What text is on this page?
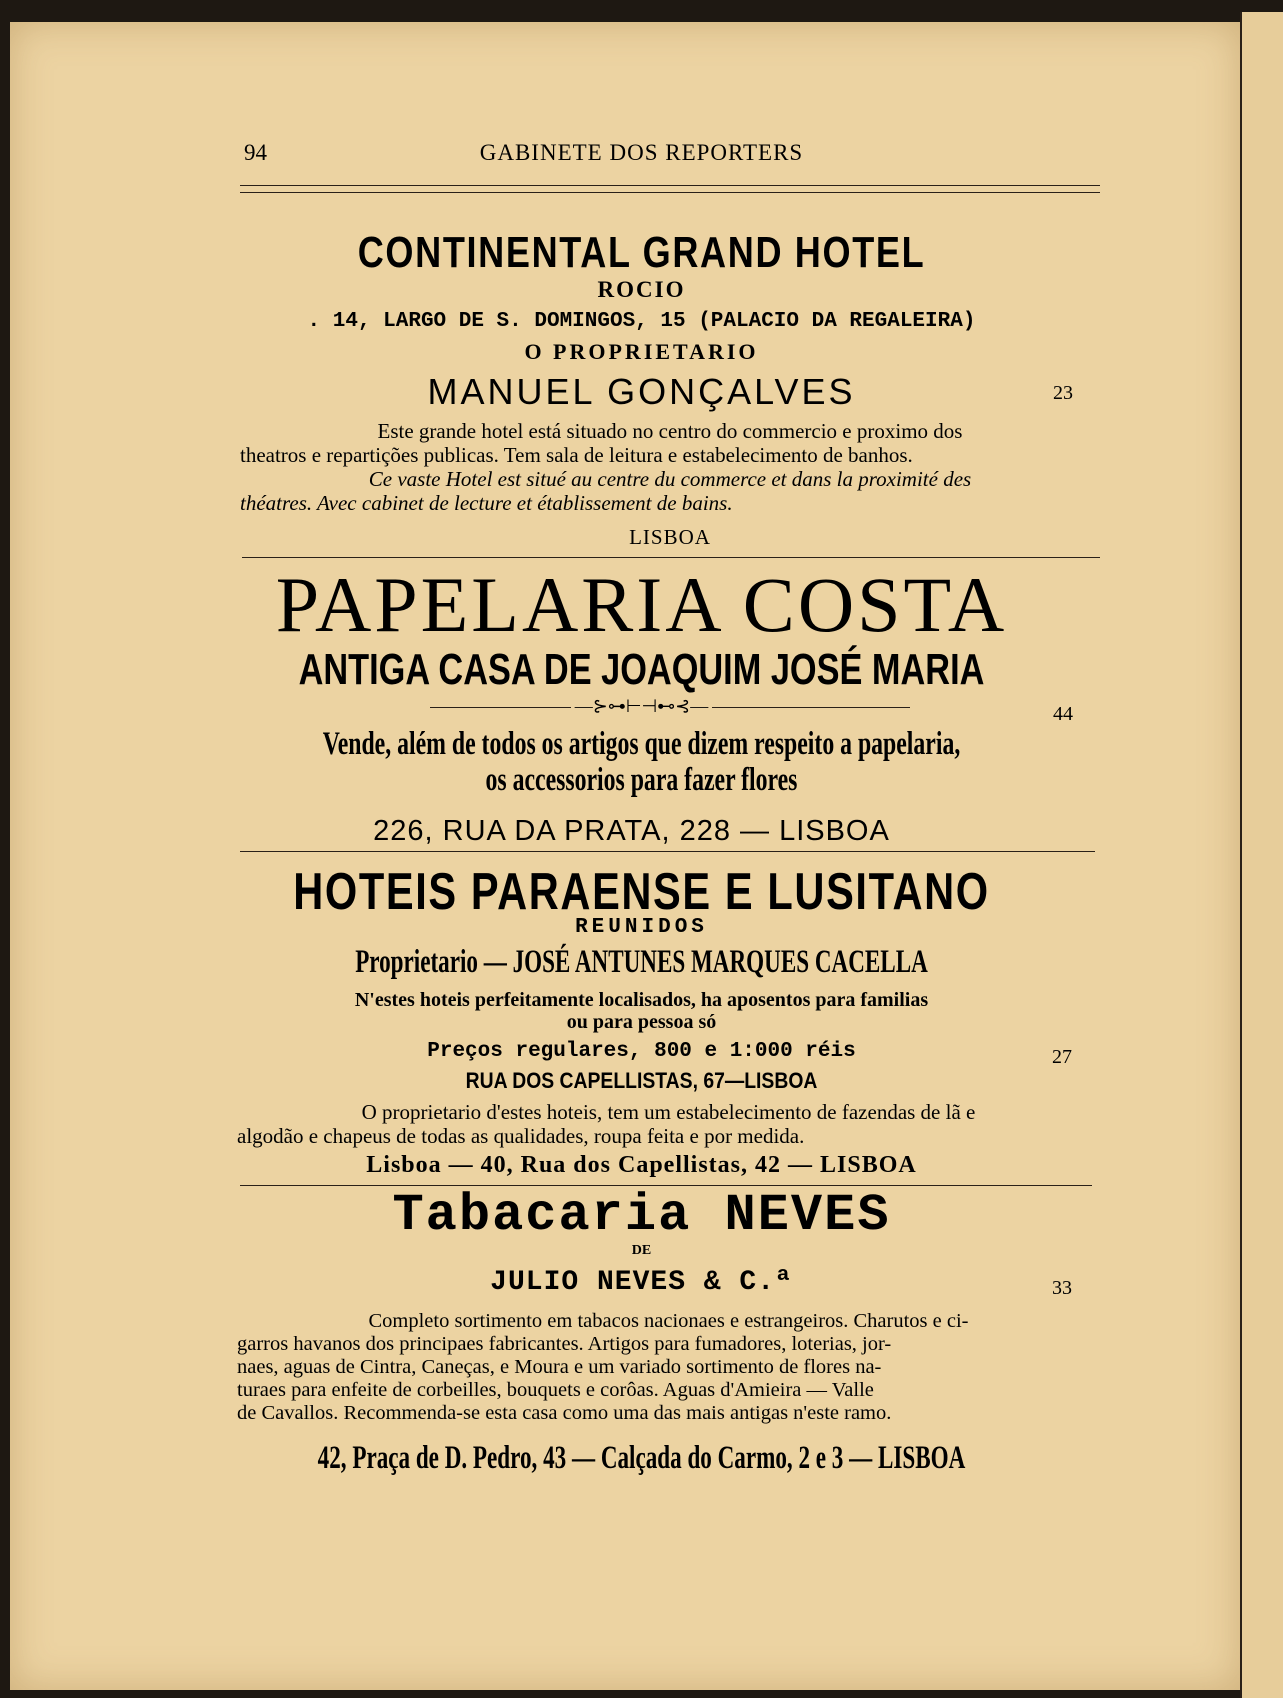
94	GABINETE DOS REPORTERS
CONTINENTAL GRAND HOTEL
ROCIO
. 14, LARGO DE S. DOMINGOS, 15 (PALACIO DA REGALEIRA)
O PROPRIETARIO
MANUEL GONÇALVES	23
Este grande hotel está situado no centro do commercio e proximo dos
theatros e repartições publicas. Tem sala de leitura e estabelecimento de banhos.
Ce vaste Hotel est situé au centre du commerce et dans la proximité des
théatres. Avec cabinet de lecture et établissement de bains.
LISBOA
PAPELARIA COSTA
ANTIGA CASA DE JOAQUIM JOSÉ MARIA
—⊱⊶⊢⊣⊷⊰—	44
Vende, além de todos os artigos que dizem respeito a papelaria,
os accessorios para fazer flores
226, RUA DA PRATA, 228 — LISBOA
HOTEIS PARAENSE E LUSITANO
REUNIDOS
Proprietario — JOSÉ ANTUNES MARQUES CACELLA
N'estes hoteis perfeitamente localisados, ha aposentos para familias
ou para pessoa só
Preços regulares, 800 e 1:000 réis	27
RUA DOS CAPELLISTAS, 67—LISBOA
O proprietario d'estes hoteis, tem um estabelecimento de fazendas de lã e
algodão e chapeus de todas as qualidades, roupa feita e por medida.
Lisboa — 40, Rua dos Capellistas, 42 — LISBOA
Tabacaria NEVES
DE
JULIO NEVES & C.ª	33
Completo sortimento em tabacos nacionaes e estrangeiros. Charutos e ci-
garros havanos dos principaes fabricantes. Artigos para fumadores, loterias, jor-
naes, aguas de Cintra, Caneças, e Moura e um variado sortimento de flores na-
turaes para enfeite de corbeilles, bouquets e corôas. Aguas d'Amieira — Valle
de Cavallos. Recommenda-se esta casa como uma das mais antigas n'este ramo.
42, Praça de D. Pedro, 43 — Calçada do Carmo, 2 e 3 — LISBOA
